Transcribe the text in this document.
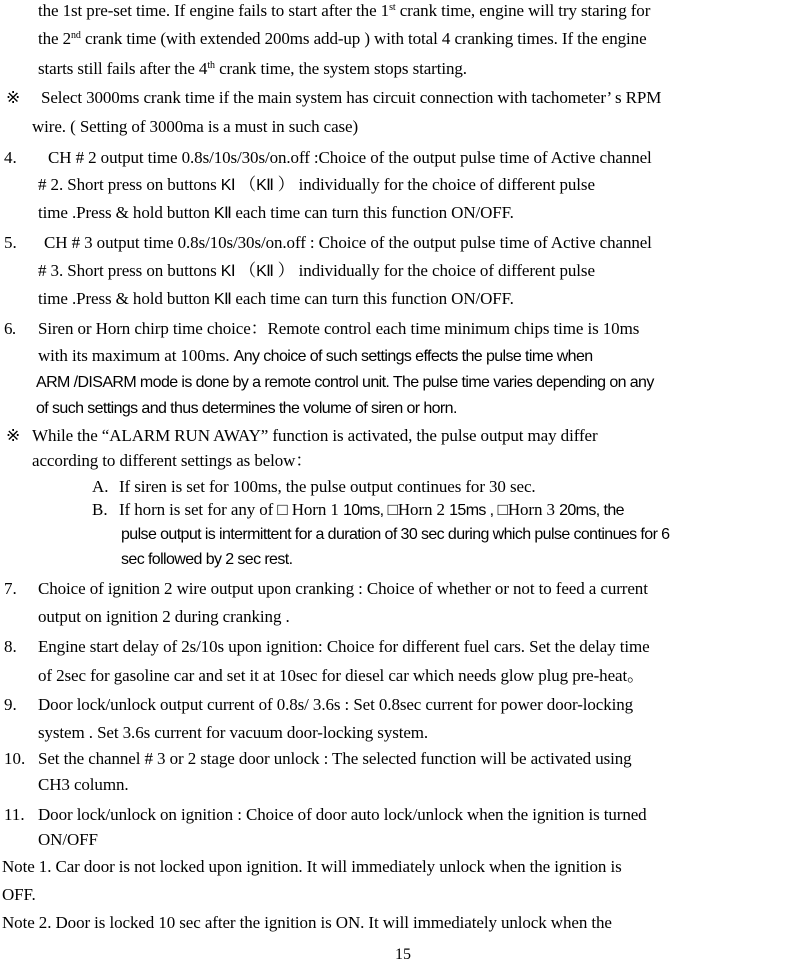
the 1st pre-set time. If engine fails to start after the 1st crank time, engine will try staring for
the 2nd crank time (with extended 200ms add-up ) with total 4 cranking times. If the engine
starts still fails after the 4th crank time, the system stops starting.
※ Select 3000ms crank time if the main system has circuit connection with tachometer’ s RPM
wire. ( Setting of 3000ma is a must in such case)
4. CH # 2 output time 0.8s/10s/30s/on.off :Choice of the output pulse time of Active channel
# 2. Short press on buttons KⅠ （KⅡ ） individually for the choice of different pulse
time .Press & hold button KⅡ each time can turn this function ON/OFF.
5. CH # 3 output time 0.8s/10s/30s/on.off : Choice of the output pulse time of Active channel
# 3. Short press on buttons KⅠ （KⅡ ） individually for the choice of different pulse
time .Press & hold button KⅡ each time can turn this function ON/OFF.
6. Siren or Horn chirp time choice：Remote control each time minimum chips time is 10ms
with its maximum at 100ms. Any choice of such settings effects the pulse time when
ARM /DISARM mode is done by a remote control unit. The pulse time varies depending on any
of such settings and thus determines the volume of siren or horn.
※ While the “ALARM RUN AWAY” function is activated, the pulse output may differ
according to different settings as below：
A. If siren is set for 100ms, the pulse output continues for 30 sec.
B. If horn is set for any of □ Horn 1 10ms, □Horn 2 15ms , □Horn 3 20ms, the
pulse output is intermittent for a duration of 30 sec during which pulse continues for 6
sec followed by 2 sec rest.
7. Choice of ignition 2 wire output upon cranking : Choice of whether or not to feed a current
output on ignition 2 during cranking .
8. Engine start delay of 2s/10s upon ignition: Choice for different fuel cars. Set the delay time
of 2sec for gasoline car and set it at 10sec for diesel car which needs glow plug pre-heat。
9. Door lock/unlock output current of 0.8s/ 3.6s : Set 0.8sec current for power door-locking
system . Set 3.6s current for vacuum door-locking system.
10. Set the channel # 3 or 2 stage door unlock : The selected function will be activated using
CH3 column.
11. Door lock/unlock on ignition : Choice of door auto lock/unlock when the ignition is turned
ON/OFF
Note 1. Car door is not locked upon ignition. It will immediately unlock when the ignition is
OFF.
Note 2. Door is locked 10 sec after the ignition is ON. It will immediately unlock when the
15
